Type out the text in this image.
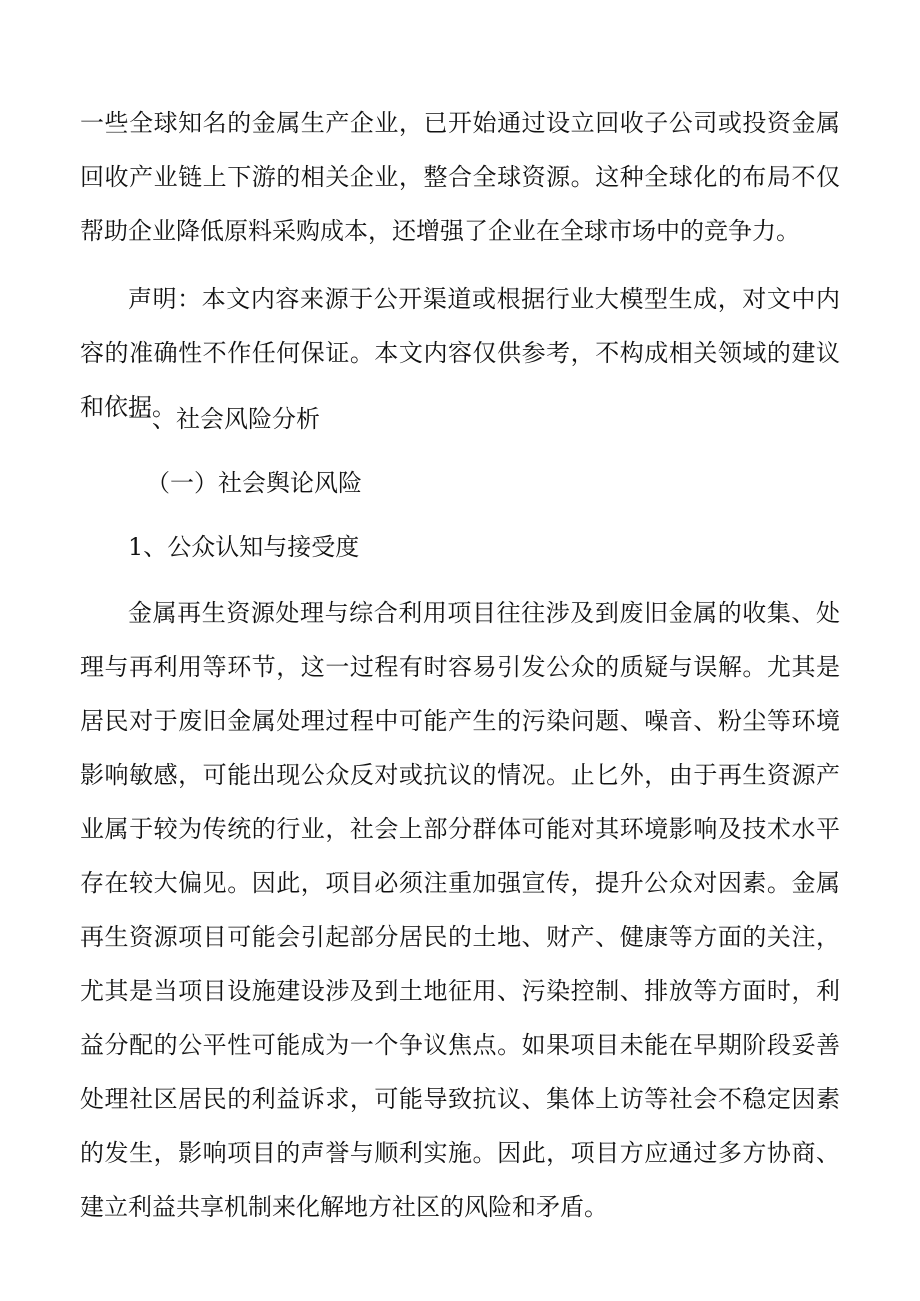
一些全球知名的金属生产企业，已开始通过设立回收子公司或投资金属回收产业链上下游的相关企业，整合全球资源。这种全球化的布局不仅帮助企业降低原料采购成本，还增强了企业在全球市场中的竞争力。

声明：本文内容来源于公开渠道或根据行业大模型生成，对文中内容的准确性不作任何保证。本文内容仅供参考，不构成相关领域的建议和依据。

一、社会风险分析

（一）社会舆论风险

1、公众认知与接受度

金属再生资源处理与综合利用项目往往涉及到废旧金属的收集、处理与再利用等环节，这一过程有时容易引发公众的质疑与误解。尤其是居民对于废旧金属处理过程中可能产生的污染问题、噪音、粉尘等环境影响敏感，可能出现公众反对或抗议的情况。止匕外，由于再生资源产业属于较为传统的行业，社会上部分群体可能对其环境影响及技术水平存在较大偏见。因此，项目必须注重加强宣传，提升公众对因素。金属再生资源项目可能会引起部分居民的土地、财产、健康等方面的关注，尤其是当项目设施建设涉及到土地征用、污染控制、排放等方面时，利益分配的公平性可能成为一个争议焦点。如果项目未能在早期阶段妥善处理社区居民的利益诉求，可能导致抗议、集体上访等社会不稳定因素的发生，影响项目的声誉与顺利实施。因此，项目方应通过多方协商、建立利益共享机制来化解地方社区的风险和矛盾。
